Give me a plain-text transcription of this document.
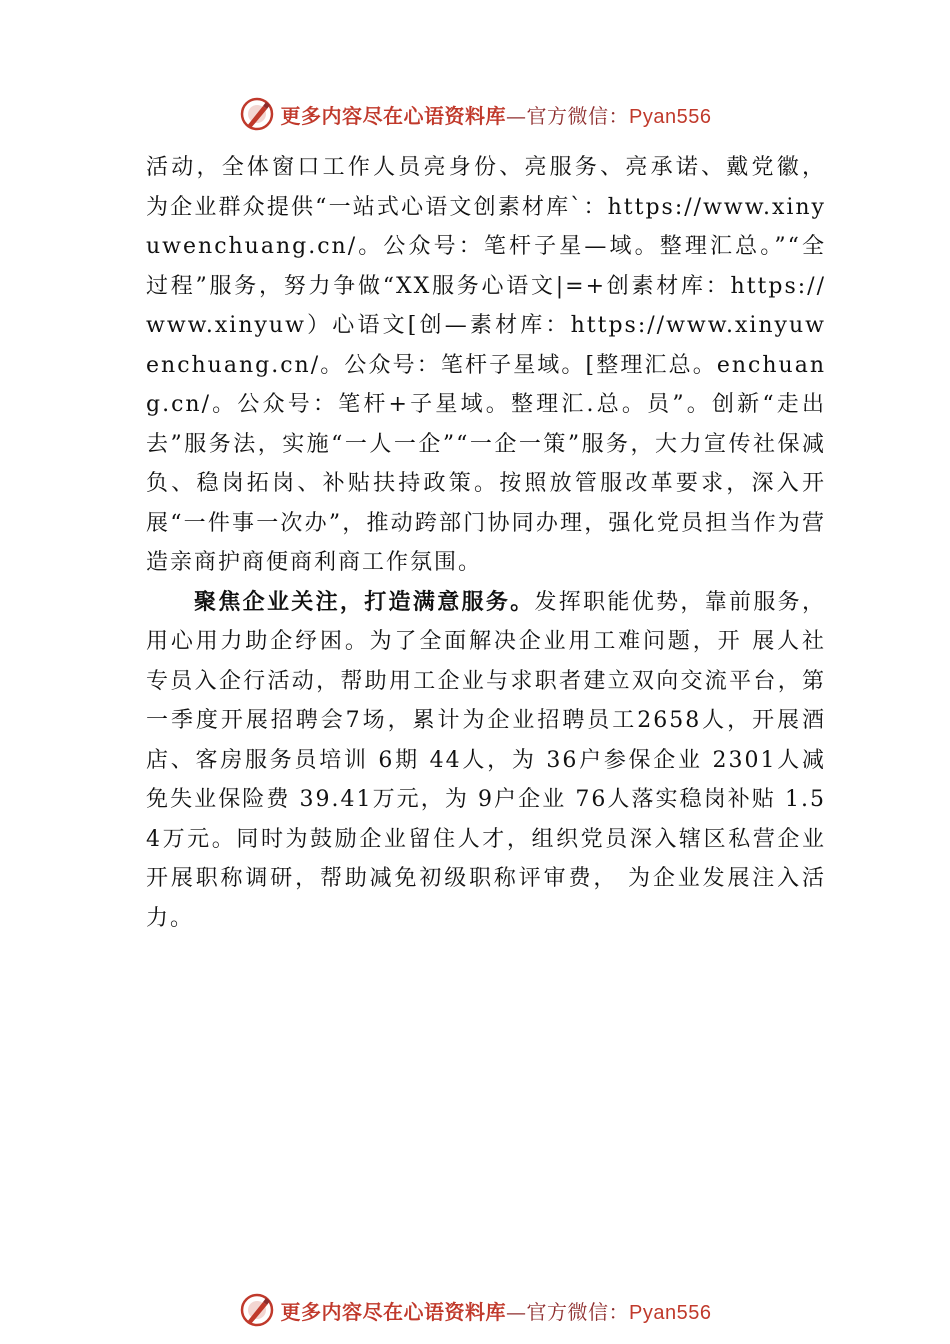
更多内容尽在心语资料库—官方微信：Pyan556

活动，全体窗口工作人员亮身份、亮服务、亮承诺、戴党徽， 为企业群众提供“一站式心语文创素材库`：https://www.xinyuwenchuang.cn/。公众号：笔杆子星—域。整理汇总。”“全过程”服务，努力争做“XX服务心语文|=+创素材库：https://www.xinyuw）心语文[创—素材库：https://www.xinyuwenchuang.cn/。公众号：笔杆子星域。[整理汇总。enchuang.cn/。公众号：笔杆+子星域。整理汇.总。员”。创新“走出去”服务法，实施“一人一企”“一企一策”服务，大力宣传社保减负、稳岗拓岗、补贴扶持政策。按照放管服改革要求，深入开展“一件事一次办”，推动跨部门协同办理，强化党员担当作为营造亲商护商便商利商工作氛围。

聚焦企业关注，打造满意服务。发挥职能优势，靠前服务，用心用力助企纾困。为了全面解决企业用工难问题，开 展人社专员入企行活动，帮助用工企业与求职者建立双向交流平台，第一季度开展招聘会7场，累计为企业招聘员工2658人，开展酒店、客房服务员培训 6期 44人，为 36户参保企业 2301人减免失业保险费 39.41万元，为 9户企业 76人落实稳岗补贴 1.54万元。同时为鼓励企业留住人才，组织党员深入辖区私营企业开展职称调研，帮助减免初级职称评审费， 为企业发展注入活力。

更多内容尽在心语资料库—官方微信：Pyan556
